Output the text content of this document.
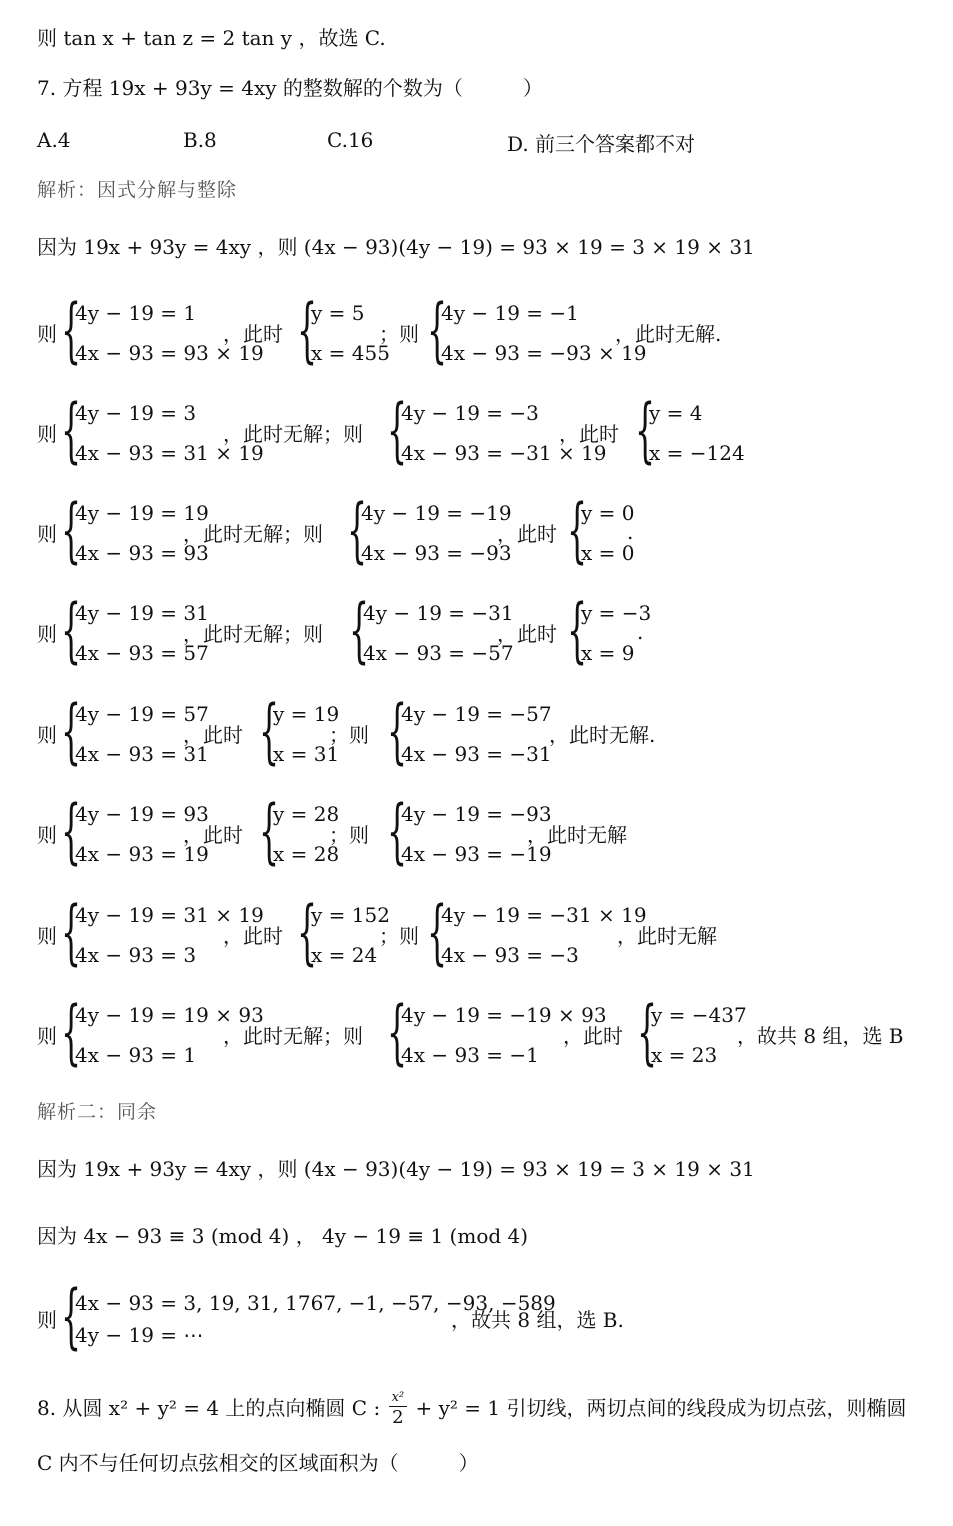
则 tan x + tan z = 2 tan y ，故选 C.
7. 方程 19x + 93y = 4xy 的整数解的个数为（　　　）
A.4	B.8	C.16	D. 前三个答案都不对
解析：因式分解与整除
因为 19x + 93y = 4xy ，则 (4x − 93)(4y − 19) = 93 × 19 = 3 × 19 × 31
则 {
4y − 19 = 1
4x − 93 = 93 × 19
，此时 {
y = 5
x = 455
；则 {
4y − 19 = −1
4x − 93 = −93 × 19
，此时无解.
则 {
4y − 19 = 3
4x − 93 = 31 × 19
，此时无解；则 {
4y − 19 = −3
4x − 93 = −31 × 19
，此时 {
y = 4
x = −124
则 {
4y − 19 = 19
4x − 93 = 93
，此时无解；则 {
4y − 19 = −19
4x − 93 = −93
，此时 {
y = 0
x = 0
.
则 {
4y − 19 = 31
4x − 93 = 57
，此时无解；则 {
4y − 19 = −31
4x − 93 = −57
，此时 {
y = −3
x = 9
.
则 {
4y − 19 = 57
4x − 93 = 31
，此时 {
y = 19
x = 31
；则 {
4y − 19 = −57
4x − 93 = −31
，此时无解.
则 {
4y − 19 = 93
4x − 93 = 19
，此时 {
y = 28
x = 28
；则 {
4y − 19 = −93
4x − 93 = −19
，此时无解
则 {
4y − 19 = 31 × 19
4x − 93 = 3
，此时 {
y = 152
x = 24
；则 {
4y − 19 = −31 × 19
4x − 93 = −3
，此时无解
则 {
4y − 19 = 19 × 93
4x − 93 = 1
，此时无解；则 {
4y − 19 = −19 × 93
4x − 93 = −1
，此时 {
y = −437
x = 23
，故共 8 组，选 B
解析二：同余
因为 19x + 93y = 4xy ，则 (4x − 93)(4y − 19) = 93 × 19 = 3 × 19 × 31
因为 4x − 93 ≡ 3 (mod 4) ， 4y − 19 ≡ 1 (mod 4)
则 {
4x − 93 = 3, 19, 31, 1767, −1, −57, −93, −589
4y − 19 = ⋯
，故共 8 组，选 B.
8. 从圆 x² + y² = 4 上的点向椭圆 C : $\frac{\text{x²}}{2} + y^2 = 1$ 引切线，两切点间的线段成为切点弦，则椭圆
C 内不与任何切点弦相交的区域面积为（　　　）
